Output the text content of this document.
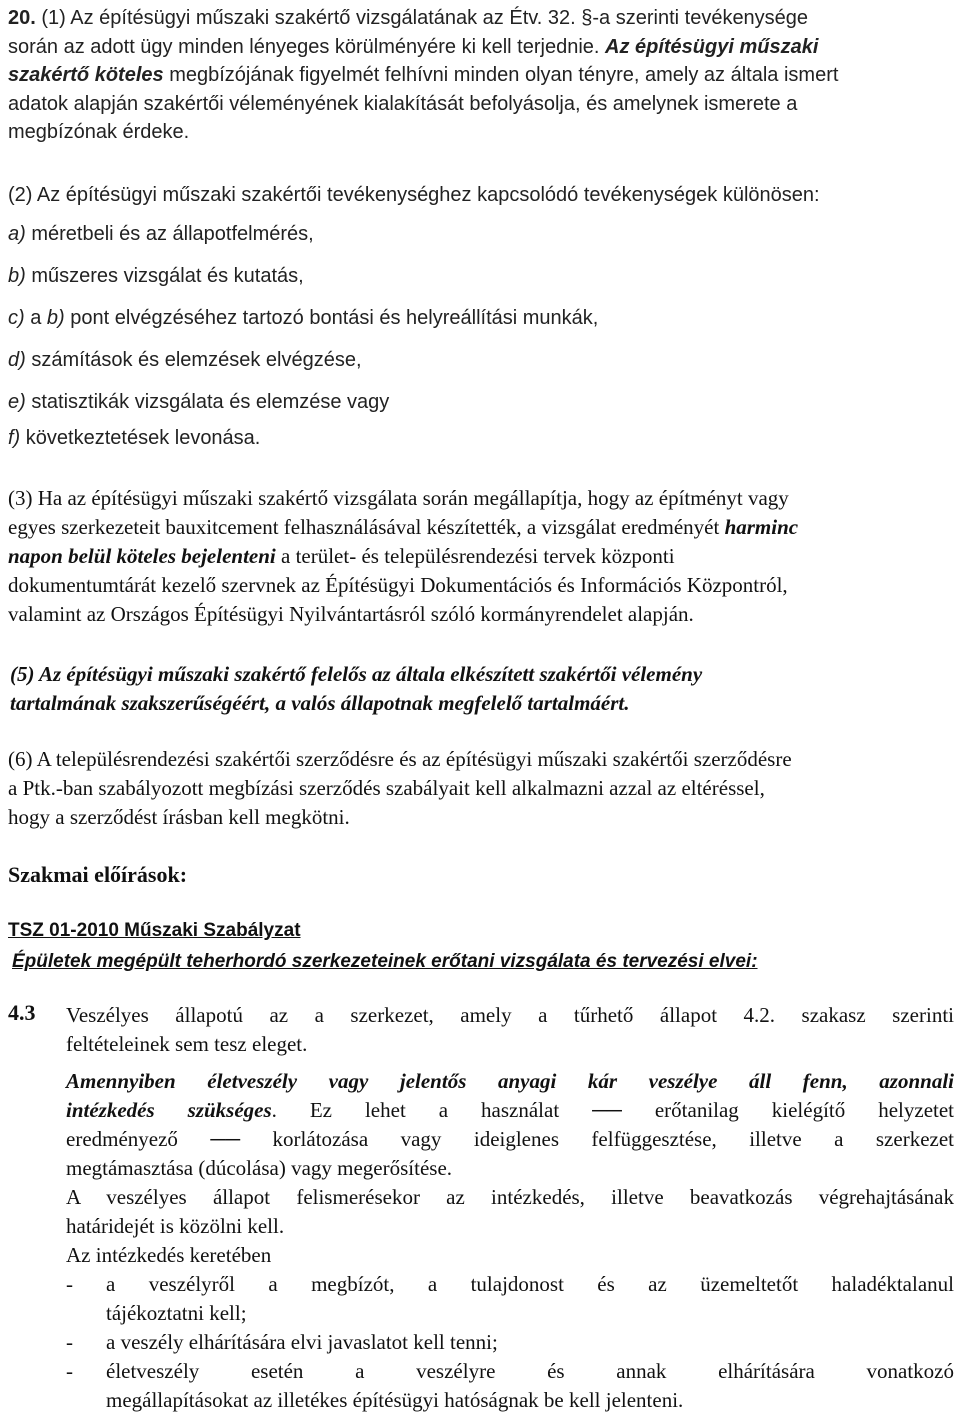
20. (1) Az építésügyi műszaki szakértő vizsgálatának az Étv. 32. §-a szerinti tevékenysége
során az adott ügy minden lényeges körülményére ki kell terjednie. Az építésügyi műszaki
szakértő köteles megbízójának figyelmét felhívni minden olyan tényre, amely az általa ismert
adatok alapján szakértői véleményének kialakítását befolyásolja, és amelynek ismerete a
megbízónak érdeke.
(2) Az építésügyi műszaki szakértői tevékenységhez kapcsolódó tevékenységek különösen:
a) méretbeli és az állapotfelmérés,
b) műszeres vizsgálat és kutatás,
c) a b) pont elvégzéséhez tartozó bontási és helyreállítási munkák,
d) számítások és elemzések elvégzése,
e) statisztikák vizsgálata és elemzése vagy
f) következtetések levonása.
(3) Ha az építésügyi műszaki szakértő vizsgálata során megállapítja, hogy az építményt vagy
egyes szerkezeteit bauxitcement felhasználásával készítették, a vizsgálat eredményét harminc
napon belül köteles bejelenteni a terület- és településrendezési tervek központi
dokumentumtárát kezelő szervnek az Építésügyi Dokumentációs és Információs Központról,
valamint az Országos Építésügyi Nyilvántartásról szóló kormányrendelet alapján.
(5) Az építésügyi műszaki szakértő felelős az általa elkészített szakértői vélemény
tartalmának szakszerűségéért, a valós állapotnak megfelelő tartalmáért.
(6) A településrendezési szakértői szerződésre és az építésügyi műszaki szakértői szerződésre
a Ptk.-ban szabályozott megbízási szerződés szabályait kell alkalmazni azzal az eltéréssel,
hogy a szerződést írásban kell megkötni.
Szakmai előírások:
TSZ 01-2010 Műszaki Szabályzat
Épületek megépült teherhordó szerkezeteinek erőtani vizsgálata és tervezési elvei:
4.3 Veszélyes állapotú az a szerkezet, amely a tűrhető állapot 4.2. szakasz szerinti
feltételeinek sem tesz eleget.
Amennyiben életveszély vagy jelentős anyagi kár veszélye áll fenn, azonnali
intézkedés szükséges. Ez lehet a használat ── erőtanilag kielégítő helyzetet
eredményező ── korlátozása vagy ideiglenes felfüggesztése, illetve a szerkezet
megtámasztása (dúcolása) vagy megerősítése.
A veszélyes állapot felismerésekor az intézkedés, illetve beavatkozás végrehajtásának
határidejét is közölni kell.
Az intézkedés keretében
-	a veszélyről a megbízót, a tulajdonost és az üzemeltetőt haladéktalanul
tájékoztatni kell;
-	a veszély elhárítására elvi javaslatot kell tenni;
-	életveszély esetén a veszélyre és annak elhárítására vonatkozó
megállapításokat az illetékes építésügyi hatóságnak be kell jelenteni.
